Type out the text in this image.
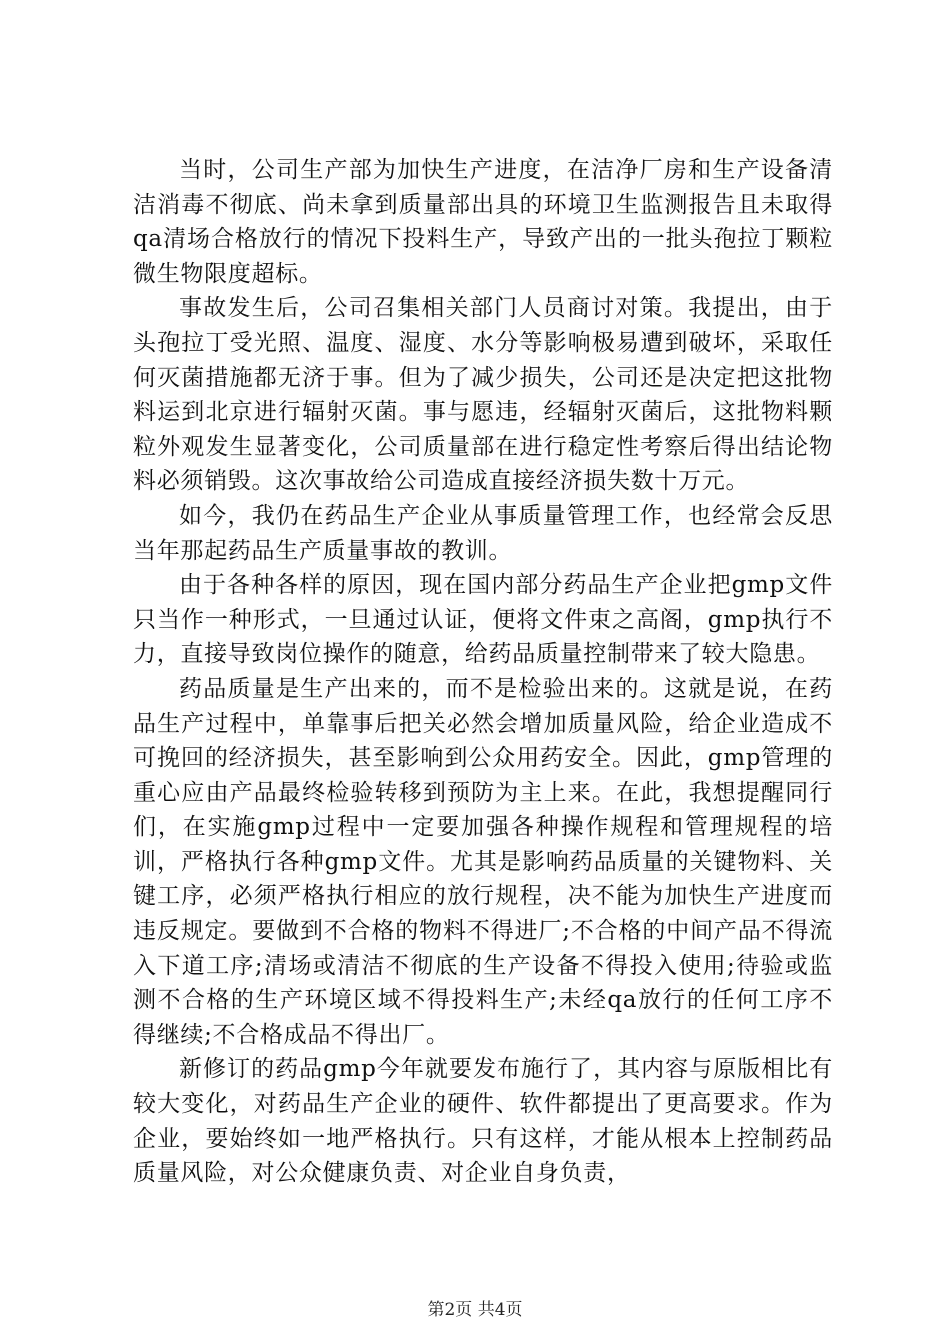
当时，公司生产部为加快生产进度，在洁净厂房和生产设备清洁消毒不彻底、尚未拿到质量部出具的环境卫生监测报告且未取得qa清场合格放行的情况下投料生产，导致产出的一批头孢拉丁颗粒微生物限度超标。

事故发生后，公司召集相关部门人员商讨对策。我提出，由于头孢拉丁受光照、温度、湿度、水分等影响极易遭到破坏，采取任何灭菌措施都无济于事。但为了减少损失，公司还是决定把这批物料运到北京进行辐射灭菌。事与愿违，经辐射灭菌后，这批物料颗粒外观发生显著变化，公司质量部在进行稳定性考察后得出结论物料必须销毁。这次事故给公司造成直接经济损失数十万元。

如今，我仍在药品生产企业从事质量管理工作，也经常会反思当年那起药品生产质量事故的教训。

由于各种各样的原因，现在国内部分药品生产企业把gmp文件只当作一种形式，一旦通过认证，便将文件束之高阁，gmp执行不力，直接导致岗位操作的随意，给药品质量控制带来了较大隐患。

药品质量是生产出来的，而不是检验出来的。这就是说，在药品生产过程中，单靠事后把关必然会增加质量风险，给企业造成不可挽回的经济损失，甚至影响到公众用药安全。因此，gmp管理的重心应由产品最终检验转移到预防为主上来。在此，我想提醒同行们，在实施gmp过程中一定要加强各种操作规程和管理规程的培训，严格执行各种gmp文件。尤其是影响药品质量的关键物料、关键工序，必须严格执行相应的放行规程，决不能为加快生产进度而违反规定。要做到不合格的物料不得进厂;不合格的中间产品不得流入下道工序;清场或清洁不彻底的生产设备不得投入使用;待验或监测不合格的生产环境区域不得投料生产;未经qa放行的任何工序不得继续;不合格成品不得出厂。

新修订的药品gmp今年就要发布施行了，其内容与原版相比有较大变化，对药品生产企业的硬件、软件都提出了更高要求。作为企业，要始终如一地严格执行。只有这样，才能从根本上控制药品质量风险，对公众健康负责、对企业自身负责，

第2页 共4页
